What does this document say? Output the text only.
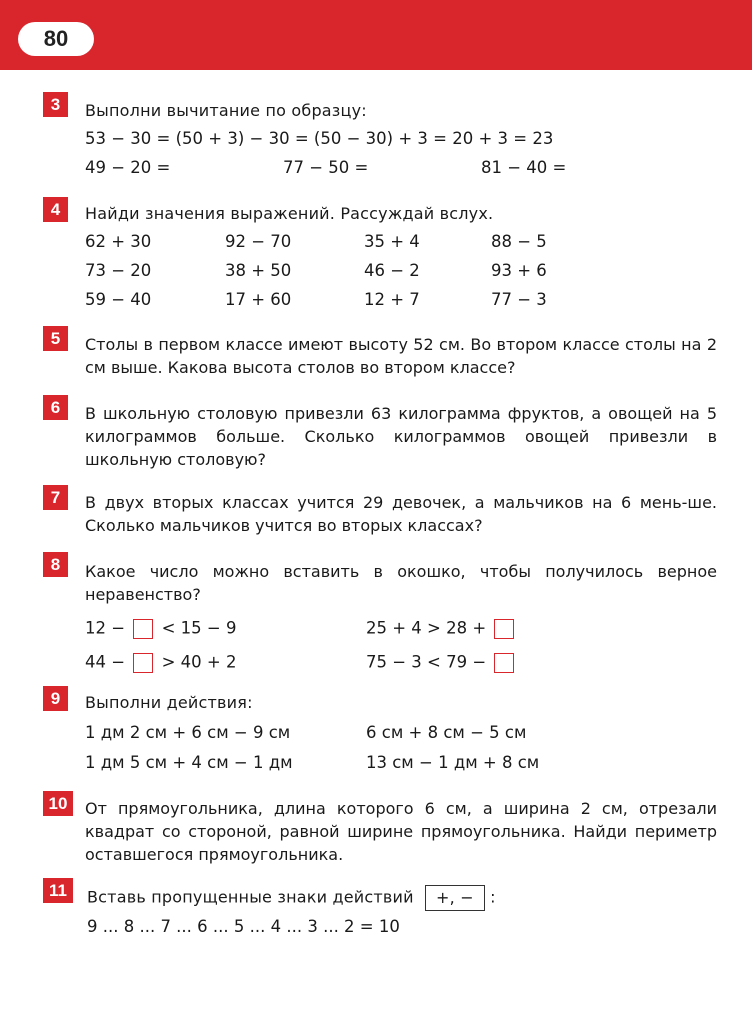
80
3	Выполни вычитание по образцу:
53 − 30 = (50 + 3) − 30 = (50 − 30) + 3 = 20 + 3 = 23
49 − 20 =	77 − 50 =	81 − 40 =
4	Найди значения выражений. Рассуждай вслух.
62 + 30	92 − 70	35 + 4	88 − 5
73 − 20	38 + 50	46 − 2	93 + 6
59 − 40	17 + 60	12 + 7	77 − 3
5	Столы в первом классе имеют высоту 52 см. Во втором классе столы на 2 см выше. Какова высота столов во втором классе?
6	В школьную столовую привезли 63 килограмма фруктов, а овощей на 5 килограммов больше. Сколько килограммов овощей привезли в школьную столовую?
7	В двух вторых классах учится 29 девочек, а мальчиков на 6 мень-ше. Сколько мальчиков учится во вторых классах?
8	Какое число можно вставить в окошко, чтобы получилось верное неравенство?
12 − < 15 − 9	25 + 4 > 28 +
44 − > 40 + 2	75 − 3 < 79 −
9	Выполни действия:
1 дм 2 см + 6 см − 9 см	6 см + 8 см − 5 см
1 дм 5 см + 4 см − 1 дм	13 см − 1 дм + 8 см
10	От прямоугольника, длина которого 6 см, а ширина 2 см, отрезали квадрат со стороной, равной ширине прямоугольника. Найди периметр оставшегося прямоугольника.
11	Вставь пропущенные знаки действий +, − :
9 ... 8 ... 7 ... 6 ... 5 ... 4 ... 3 ... 2 = 10
